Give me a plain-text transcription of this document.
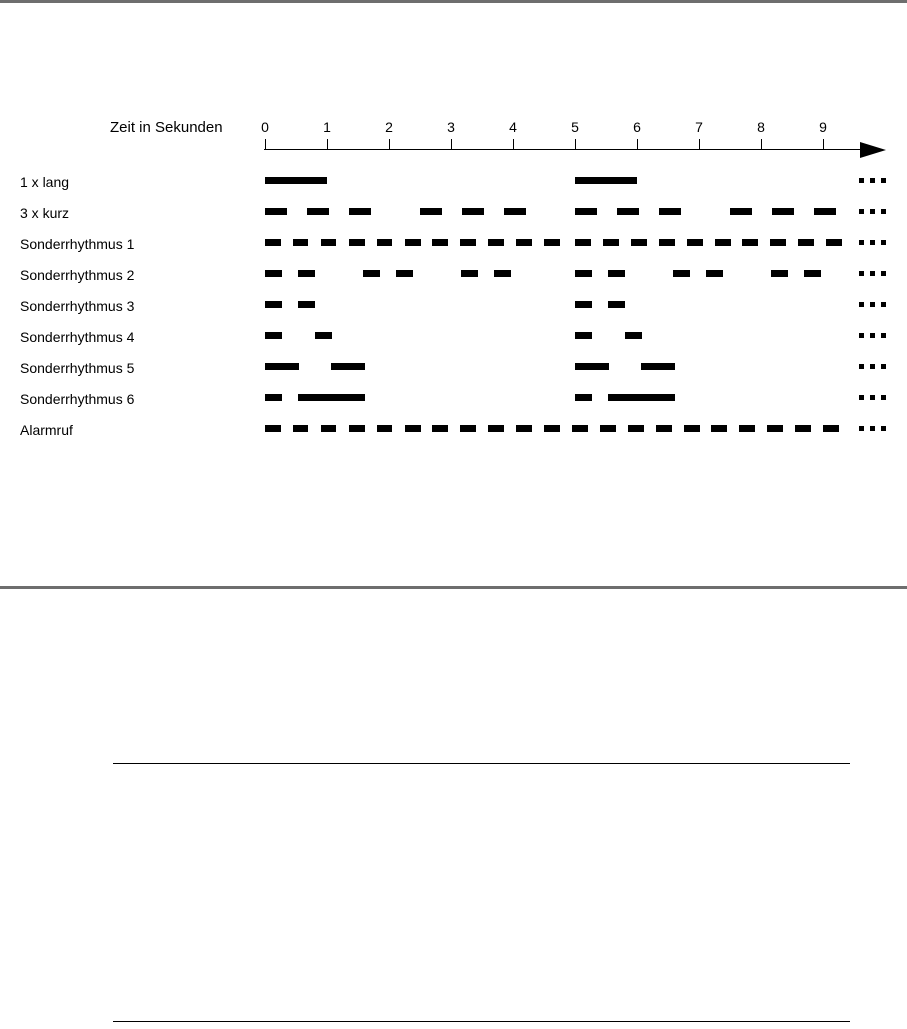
Zeit in Sekunden	0	1	2	3	4	5	6	7	8	9
1 x lang
3 x kurz
Sonderrhythmus 1
Sonderrhythmus 2
Sonderrhythmus 3
Sonderrhythmus 4
Sonderrhythmus 5
Sonderrhythmus 6
Alarmruf
